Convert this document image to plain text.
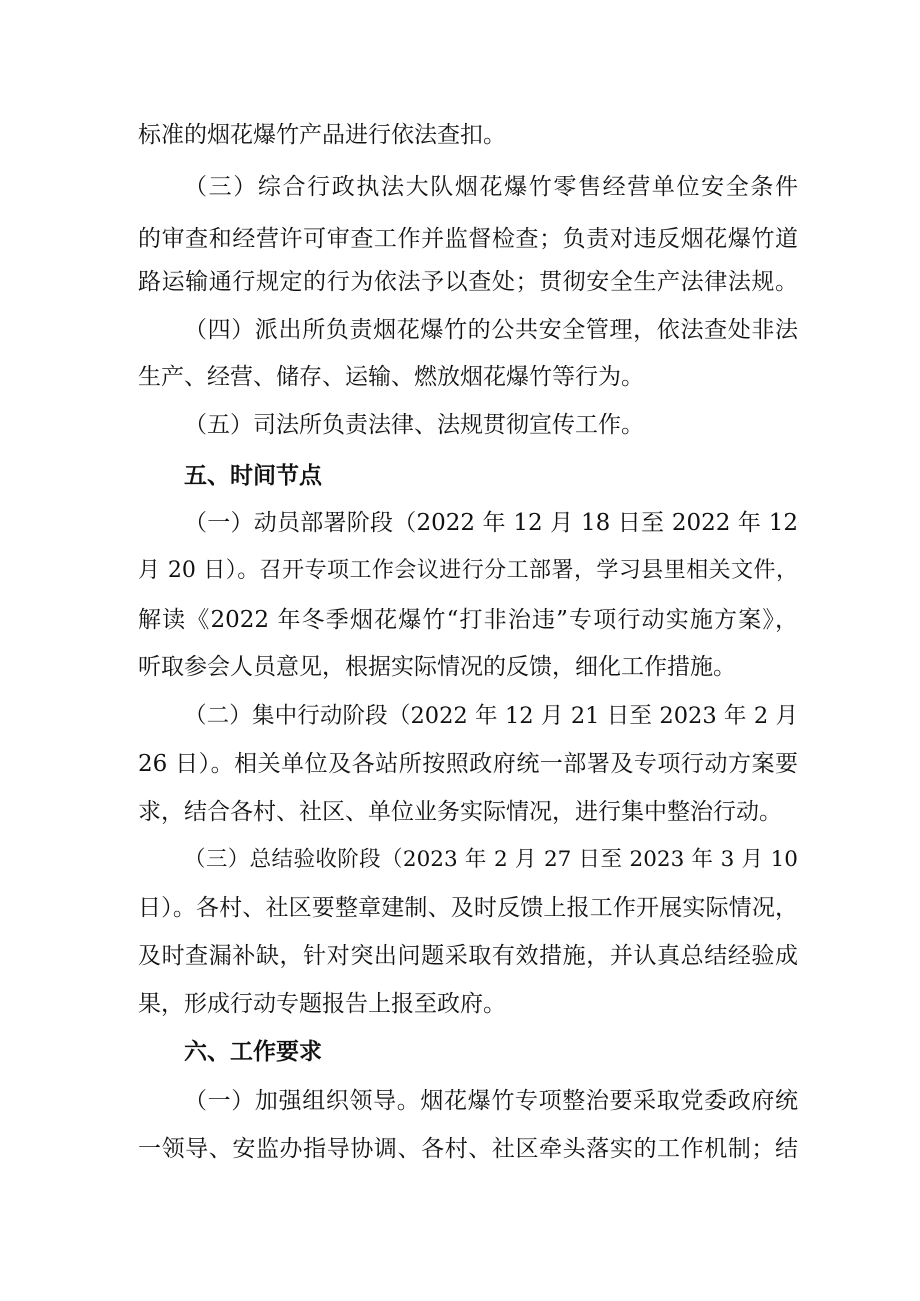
标准的烟花爆竹产品进行依法查扣。
（三）综合行政执法大队烟花爆竹零售经营单位安全条件
的审查和经营许可审查工作并监督检查；负责对违反烟花爆竹道
路运输通行规定的行为依法予以查处；贯彻安全生产法律法规。
（四）派出所负责烟花爆竹的公共安全管理，依法查处非法
生产、经营、储存、运输、燃放烟花爆竹等行为。
（五）司法所负责法律、法规贯彻宣传工作。
五、时间节点
（一）动员部署阶段（2022 年 12 月 18 日至 2022 年 12
月 20 日）。召开专项工作会议进行分工部署，学习县里相关文件，
解读《2022 年冬季烟花爆竹“打非治违”专项行动实施方案》，
听取参会人员意见，根据实际情况的反馈，细化工作措施。
（二）集中行动阶段（2022 年 12 月 21 日至 2023 年 2 月
26 日）。相关单位及各站所按照政府统一部署及专项行动方案要
求，结合各村、社区、单位业务实际情况，进行集中整治行动。
（三）总结验收阶段（2023 年 2 月 27 日至 2023 年 3 月 10
日）。各村、社区要整章建制、及时反馈上报工作开展实际情况，
及时查漏补缺，针对突出问题采取有效措施，并认真总结经验成
果，形成行动专题报告上报至政府。
六、工作要求
（一）加强组织领导。烟花爆竹专项整治要采取党委政府统
一领导、安监办指导协调、各村、社区牵头落实的工作机制；结
